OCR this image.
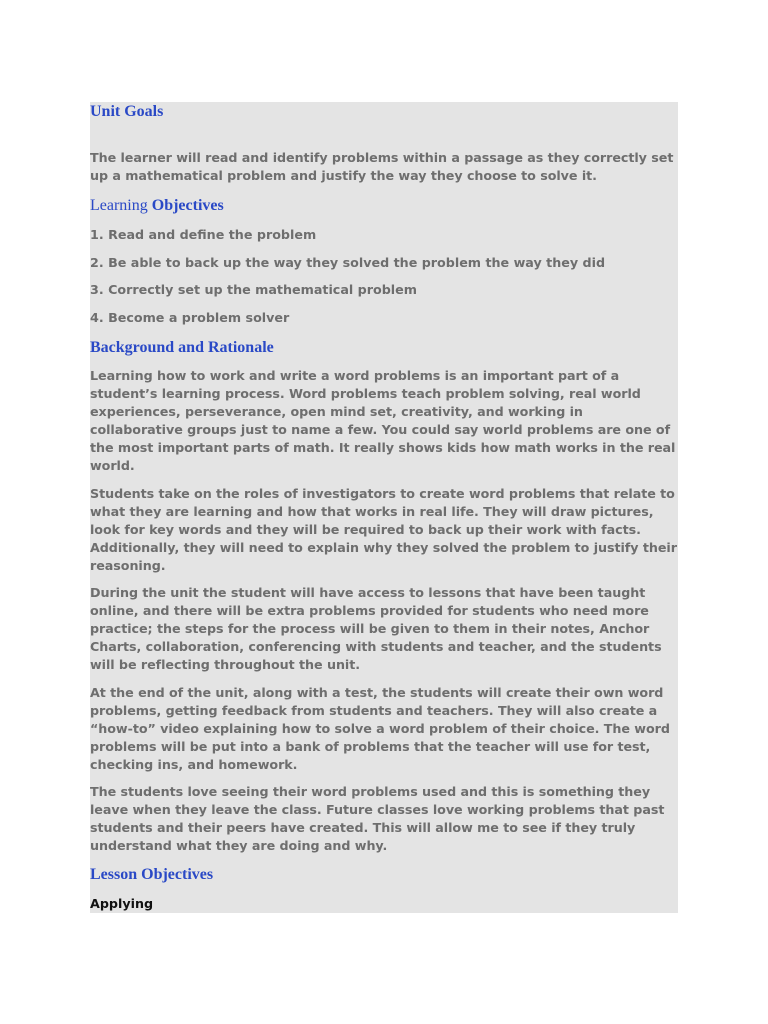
Unit Goals

The learner will read and identify problems within a passage as they correctly set up a mathematical problem and justify the way they choose to solve it.

Learning Objectives

1. Read and define the problem

2. Be able to back up the way they solved the problem the way they did

3. Correctly set up the mathematical problem

4. Become a problem solver

Background and Rationale

Learning how to work and write a word problems is an important part of a student’s learning process. Word problems teach problem solving, real world experiences, perseverance, open mind set, creativity, and working in collaborative groups just to name a few. You could say world problems are one of the most important parts of math. It really shows kids how math works in the real world.

Students take on the roles of investigators to create word problems that relate to what they are learning and how that works in real life. They will draw pictures, look for key words and they will be required to back up their work with facts. Additionally, they will need to explain why they solved the problem to justify their reasoning.

During the unit the student will have access to lessons that have been taught online, and there will be extra problems provided for students who need more practice; the steps for the process will be given to them in their notes, Anchor Charts, collaboration, conferencing with students and teacher, and the students will be reflecting throughout the unit.

At the end of the unit, along with a test, the students will create their own word problems, getting feedback from students and teachers. They will also create a “how-to” video explaining how to solve a word problem of their choice. The word problems will be put into a bank of problems that the teacher will use for test, checking ins, and homework.

The students love seeing their word problems used and this is something they leave when they leave the class. Future classes love working problems that past students and their peers have created. This will allow me to see if they truly understand what they are doing and why.

Lesson Objectives

Applying
